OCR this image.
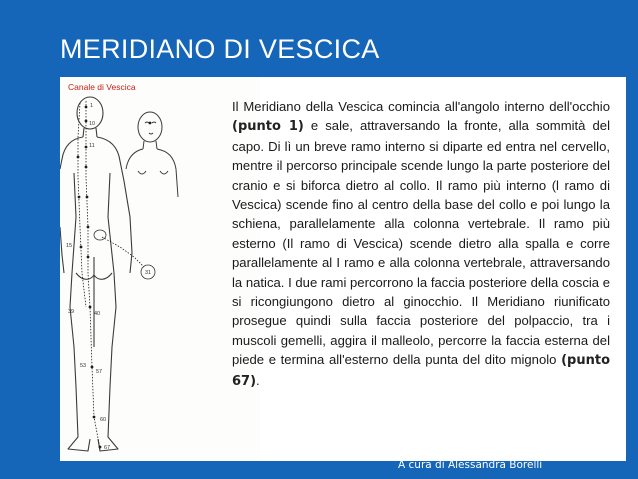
MERIDIANO DI VESCICA
Canale di Vescica
1
10
11
15
31
39	40
53
57
60
67
Il Meridiano della Vescica comincia all'angolo interno dell'occhio (punto 1) e sale, attraversando la fronte, alla sommità del capo. Di lì un breve ramo interno si diparte ed entra nel cervello, mentre il percorso principale scende lungo la parte posteriore del cranio e si biforca dietro al collo. Il ramo più interno (l ramo di Vescica) scende fino al centro della base del collo e poi lungo la schiena, parallelamente alla colonna vertebrale. Il ramo più esterno (Il ramo di Vescica) scende dietro alla spalla e corre parallelamente al I ramo e alla colonna vertebrale, attraversando la natica. I due rami percorrono la faccia posteriore della coscia e si ricongiungono dietro al ginocchio. Il Meridiano riunificato prosegue quindi sulla faccia posteriore del polpaccio, tra i muscoli gemelli, aggira il malleolo, percorre la faccia esterna del piede e termina all'esterno della punta del dito mignolo (punto 67).
A cura di Alessandra Borelli
